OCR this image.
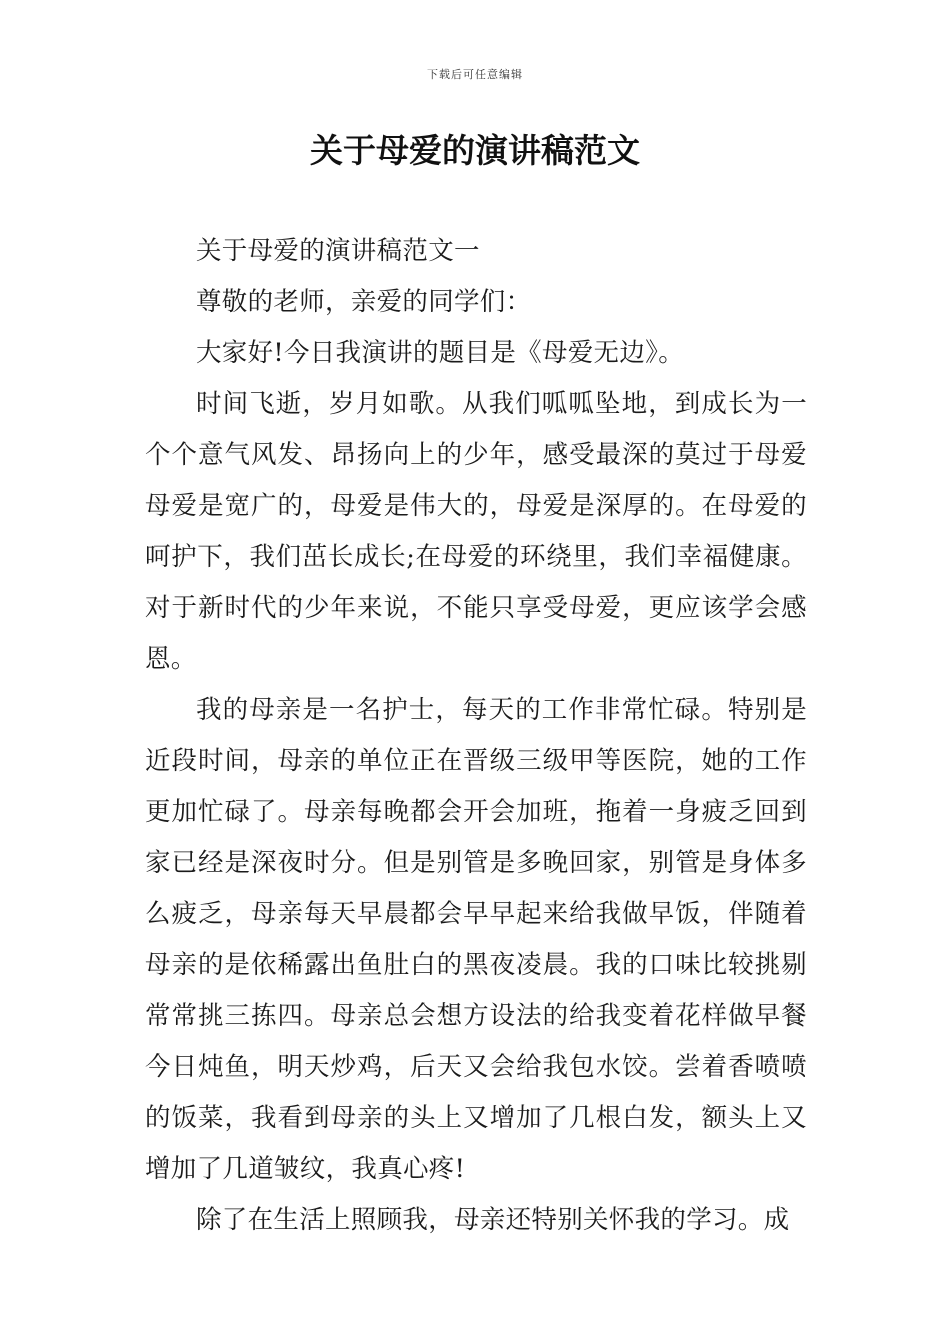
下载后可任意编辑
关于母爱的演讲稿范文

关于母爱的演讲稿范文一

尊敬的老师，亲爱的同学们：

大家好!今日我演讲的题目是《母爱无边》。

时间飞逝，岁月如歌。从我们呱呱坠地，到成长为一个个意气风发、昂扬向上的少年，感受最深的莫过于母爱母爱是宽广的，母爱是伟大的，母爱是深厚的。在母爱的呵护下，我们茁长成长;在母爱的环绕里，我们幸福健康。对于新时代的少年来说，不能只享受母爱，更应该学会感恩。

我的母亲是一名护士，每天的工作非常忙碌。特别是近段时间，母亲的单位正在晋级三级甲等医院，她的工作更加忙碌了。母亲每晚都会开会加班，拖着一身疲乏回到家已经是深夜时分。但是别管是多晚回家，别管是身体多么疲乏，母亲每天早晨都会早早起来给我做早饭，伴随着母亲的是依稀露出鱼肚白的黑夜凌晨。我的口味比较挑剔常常挑三拣四。母亲总会想方设法的给我变着花样做早餐今日炖鱼，明天炒鸡，后天又会给我包水饺。尝着香喷喷的饭菜，我看到母亲的头上又增加了几根白发，额头上又增加了几道皱纹，我真心疼!

除了在生活上照顾我，母亲还特别关怀我的学习。成
